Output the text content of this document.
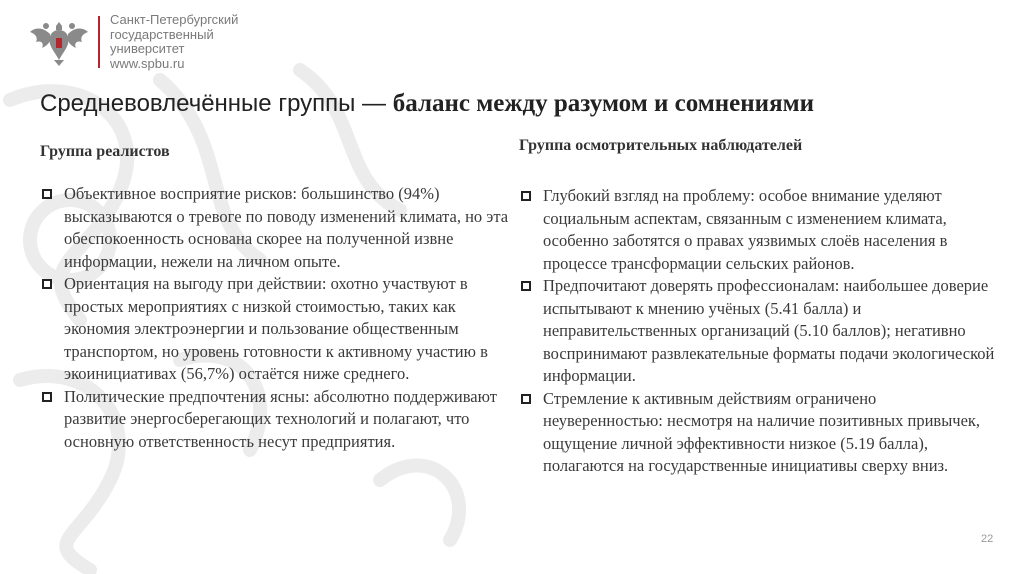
Санкт-Петербургский
государственный
университет
www.spbu.ru
Средневовлечённые группы — баланс между разумом и сомнениями
Группа реалистов
Объективное восприятие рисков: большинство (94%) высказываются о тревоге по поводу изменений климата, но эта обеспокоенность основана скорее на полученной извне информации, нежели на личном опыте.
Ориентация на выгоду при действии: охотно участвуют в простых мероприятиях с низкой стоимостью, таких как экономия электроэнергии и пользование общественным транспортом, но уровень готовности к активному участию в экоинициативах (56,7%) остаётся ниже среднего.
Политические предпочтения ясны: абсолютно поддерживают развитие энергосберегающих технологий и полагают, что основную ответственность несут предприятия.
Группа осмотрительных наблюдателей
Глубокий взгляд на проблему: особое внимание уделяют социальным аспектам, связанным с изменением климата, особенно заботятся о правах уязвимых слоёв населения в процессе трансформации сельских районов.
Предпочитают доверять профессионалам: наибольшее доверие испытывают к мнению учёных (5.41 балла) и неправительственных организаций (5.10 баллов); негативно воспринимают развлекательные форматы подачи экологической информации.
Стремление к активным действиям ограничено неуверенностью: несмотря на наличие позитивных привычек, ощущение личной эффективности низкое (5.19 балла), полагаются на государственные инициативы сверху вниз.
22
